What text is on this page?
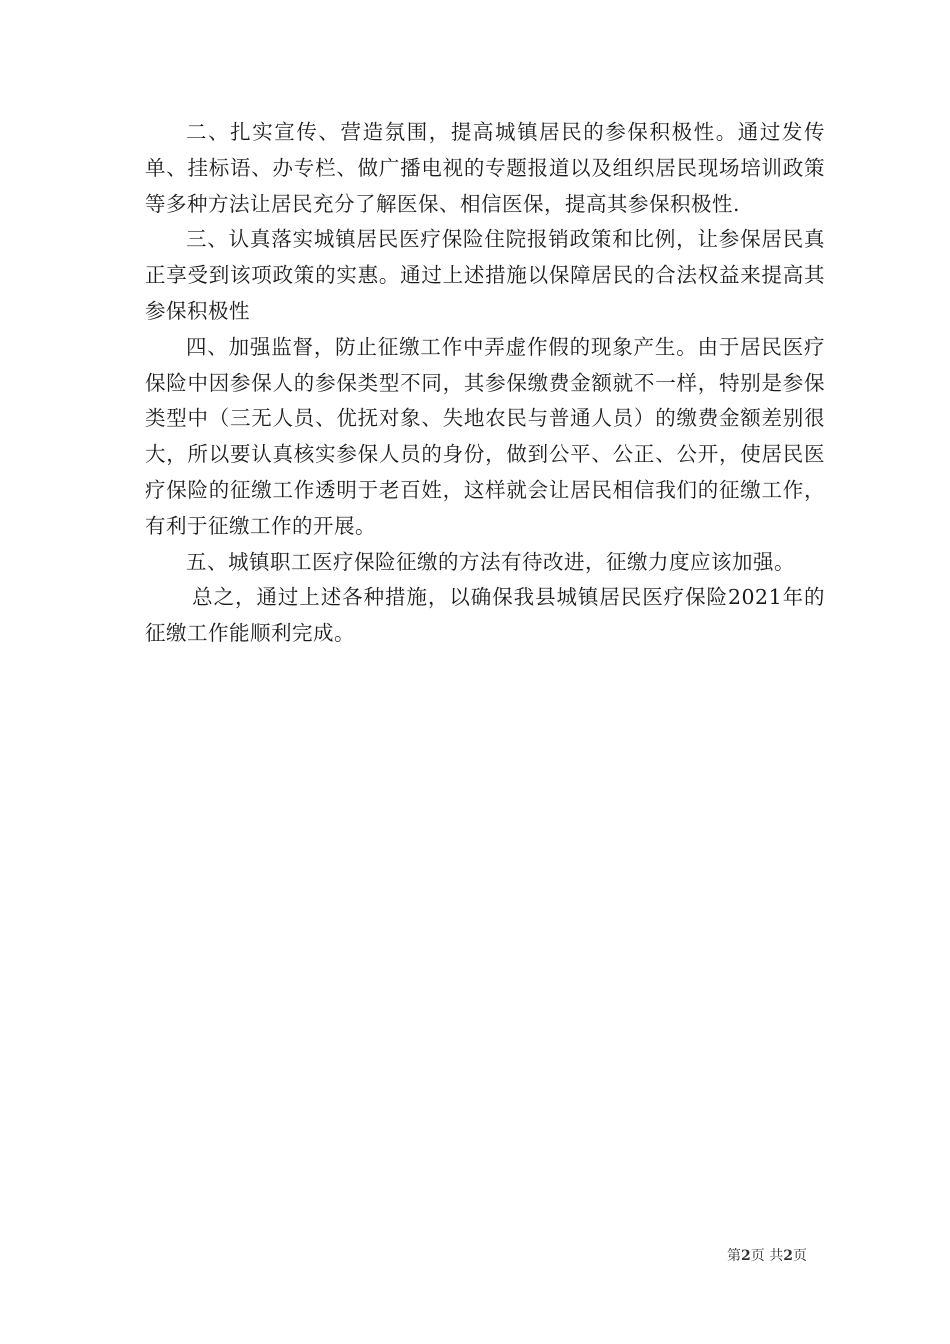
二、扎实宣传、营造氛围，提高城镇居民的参保积极性。通过发传单、挂标语、办专栏、做广播电视的专题报道以及组织居民现场培训政策等多种方法让居民充分了解医保、相信医保，提高其参保积极性.

三、认真落实城镇居民医疗保险住院报销政策和比例，让参保居民真正享受到该项政策的实惠。通过上述措施以保障居民的合法权益来提高其参保积极性

四、加强监督，防止征缴工作中弄虚作假的现象产生。由于居民医疗保险中因参保人的参保类型不同，其参保缴费金额就不一样，特别是参保类型中（三无人员、优抚对象、失地农民与普通人员）的缴费金额差别很大，所以要认真核实参保人员的身份，做到公平、公正、公开，使居民医疗保险的征缴工作透明于老百姓，这样就会让居民相信我们的征缴工作，有利于征缴工作的开展。

五、城镇职工医疗保险征缴的方法有待改进，征缴力度应该加强。

总之，通过上述各种措施，以确保我县城镇居民医疗保险2021年的征缴工作能顺利完成。

第2页 共2页
